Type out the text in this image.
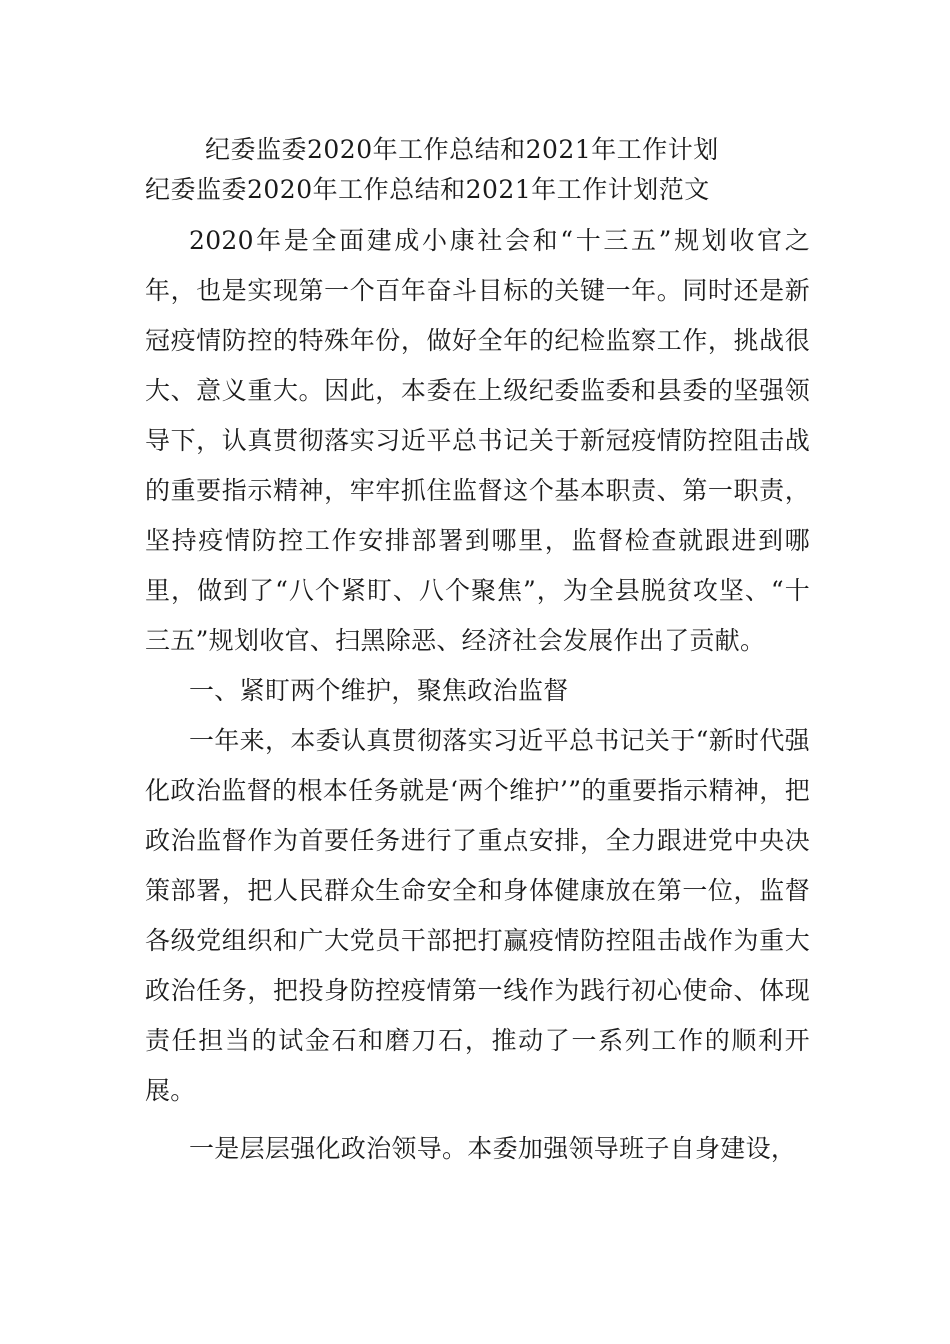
纪委监委2020年工作总结和2021年工作计划
纪委监委2020年工作总结和2021年工作计划范文

2020年是全面建成小康社会和“十三五”规划收官之年，也是实现第一个百年奋斗目标的关键一年。同时还是新冠疫情防控的特殊年份，做好全年的纪检监察工作，挑战很大、意义重大。因此，本委在上级纪委监委和县委的坚强领导下，认真贯彻落实习近平总书记关于新冠疫情防控阻击战的重要指示精神，牢牢抓住监督这个基本职责、第一职责，坚持疫情防控工作安排部署到哪里，监督检查就跟进到哪里，做到了“八个紧盯、八个聚焦”，为全县脱贫攻坚、“十三五”规划收官、扫黑除恶、经济社会发展作出了贡献。

一、紧盯两个维护，聚焦政治监督

一年来，本委认真贯彻落实习近平总书记关于“新时代强化政治监督的根本任务就是‘两个维护’”的重要指示精神，把政治监督作为首要任务进行了重点安排，全力跟进党中央决策部署，把人民群众生命安全和身体健康放在第一位，监督各级党组织和广大党员干部把打赢疫情防控阻击战作为重大政治任务，把投身防控疫情第一线作为践行初心使命、体现责任担当的试金石和磨刀石，推动了一系列工作的顺利开展。

一是层层强化政治领导。本委加强领导班子自身建设，
